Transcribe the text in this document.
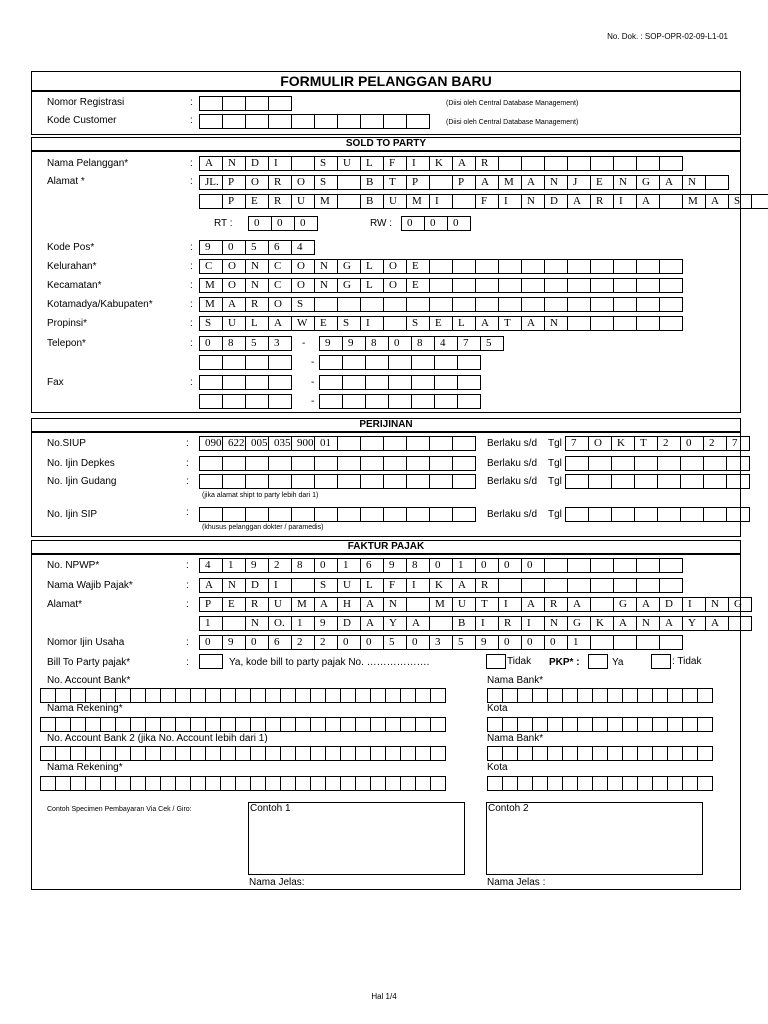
No. Dok. : SOP-OPR-02-09-L1-01
FORMULIR PELANGGAN BARU
Nomor Registrasi	:	(Diisi oleh Central Database Management)
Kode Customer	:	(Diisi oleh Central Database Management)
SOLD TO PARTY
Nama Pelanggan*	:	A	N	D	I	S	U	L	F	I	K	A	R
Alamat *	:	JL. P	O	R	O	S	B	T	P	P	A	M	A	N	J	E	N	G	A	N
P	E	R	U	M	B	U	M	I	F	I	N	D	A	R	I	A	M	A	S
RT :	0	0	0	RW :	0	0	0
Kode Pos*	:	9	0	5	6	4
Kelurahan*	:	C	O	N	C	O	N	G	L	O	E
Kecamatan*	:	M	O	N	C	O	N	G	L	O	E
Kotamadya/Kabupaten*	:	M	A	R	O	S
Propinsi*	:	S	U	L	A	W	E	S	I	S	E	L	A	T	A	N
Telepon*	:	0	8	5	3	-	9	9	8	0	8	4	7	5
-
Fax	:	-
-
PERIJINAN
No.SIUP	:	090 622 005 035 900 01	Berlaku s/d Tgl 7	O	K	T	2	0	2	7
No. Ijin Depkes	:	Berlaku s/d Tgl
No. Ijin Gudang	:	Berlaku s/d Tgl
(jika alamat shipt to party lebih dari 1)
No. Ijin SIP	:	Berlaku s/d Tgl
(khusus pelanggan dokter / paramedis)
FAKTUR PAJAK
No. NPWP*	:	4	1	9	2	8	0	1	6	9	8	0	1	0	0	0
Nama Wajib Pajak*	:	A	N	D	I	S	U	L	F	I	K	A	R
Alamat*	:	P	E	R	U	M	A	H	A	N	M	U	T	I	A	R	A	G	A	D	I	N	G
1	N	O.	1	9	D	A	Y	A	B	I	R	I	N	G	K	A	N	A	Y	A
Nomor Ijin Usaha	:	0	9	0	6	2	2	0	0	5	0	3	5	9	0	0	0	1
Bill To Party pajak*	:	Ya, kode bill to party pajak No. ……………….	Tidak PKP* :	Ya	: Tidak
No. Account Bank*	Nama Bank*
Nama Rekening*	Kota
No. Account Bank 2 (jika No. Account lebih dari 1)	Nama Bank*
Nama Rekening*	Kota
Contoh Specimen Pembayaran Via Cek / Giro:	Contoh 1	Contoh 2
Nama Jelas:	Nama Jelas :
Hal 1/4
